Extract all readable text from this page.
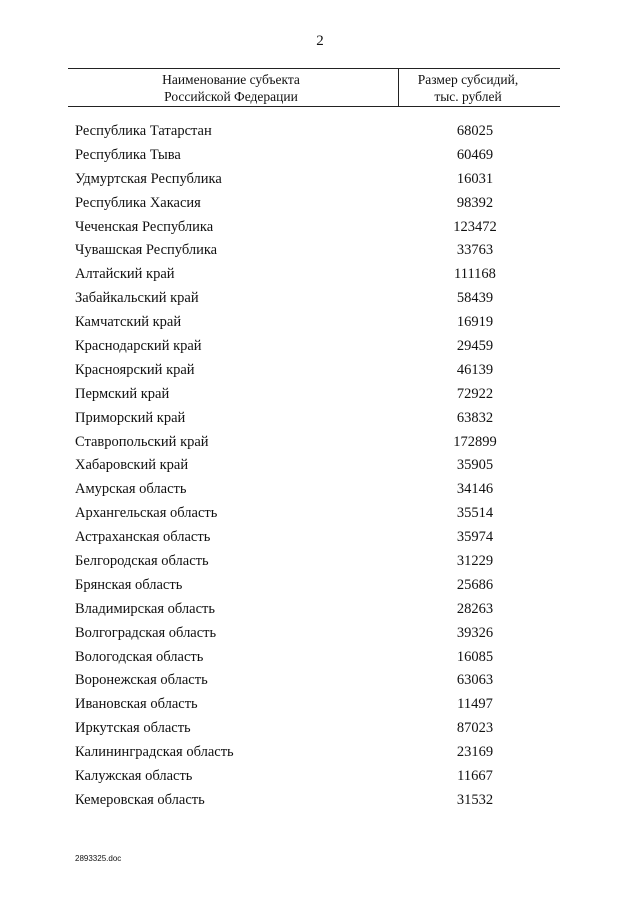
2
Наименование субъекта
Российской Федерации
Размер субсидий,
тыс. рублей
Республика Татарстан	68025
Республика Тыва	60469
Удмуртская Республика	16031
Республика Хакасия	98392
Чеченская Республика	123472
Чувашская Республика	33763
Алтайский край	111168
Забайкальский край	58439
Камчатский край	16919
Краснодарский край	29459
Красноярский край	46139
Пермский край	72922
Приморский край	63832
Ставропольский край	172899
Хабаровский край	35905
Амурская область	34146
Архангельская область	35514
Астраханская область	35974
Белгородская область	31229
Брянская область	25686
Владимирская область	28263
Волгоградская область	39326
Вологодская область	16085
Воронежская область	63063
Ивановская область	11497
Иркутская область	87023
Калининградская область	23169
Калужская область	11667
Кемеровская область	31532
2893325.doc
